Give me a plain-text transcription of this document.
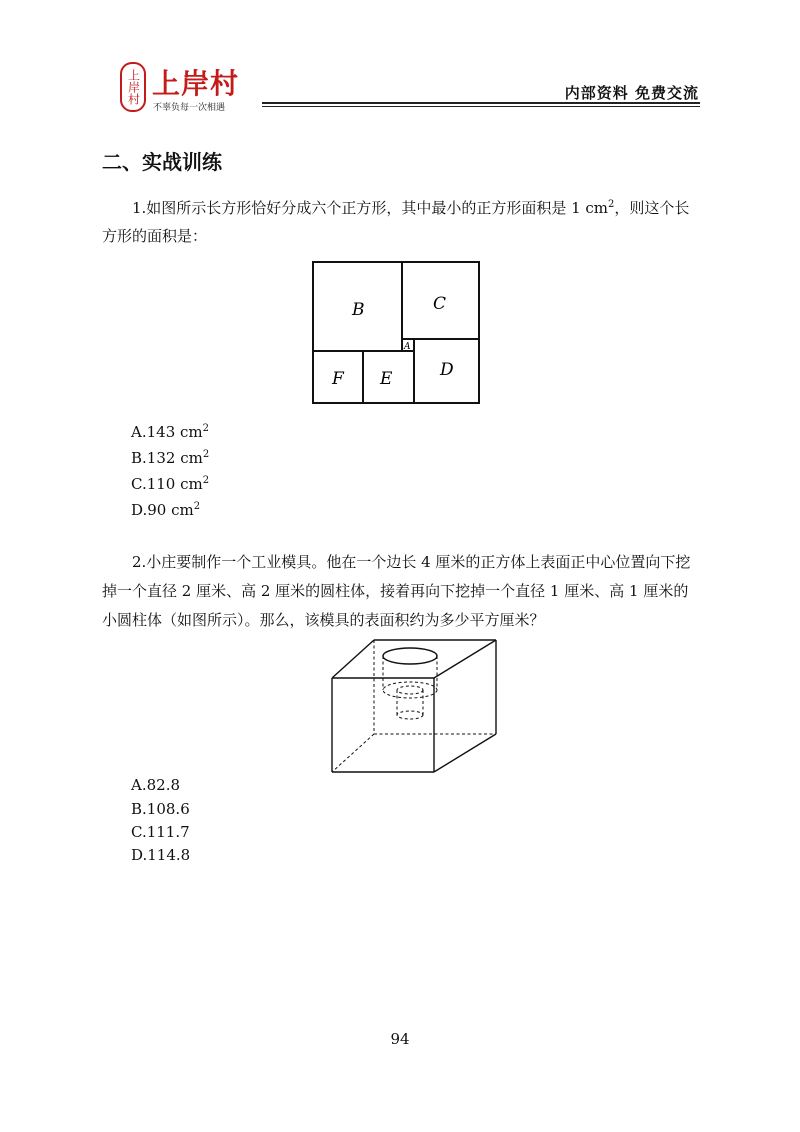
上岸村 上岸村
不辜负每一次相遇
内部资料 免费交流
二、实战训练
1.如图所示长方形恰好分成六个正方形，其中最小的正方形面积是 1 $cm^2$，则这个长方形的面积是：
B	C
A
D
F E
A.143 $cm^2$
B.132 $cm^2$
C.110 $cm^2$
D.90 $cm^2$
2.小庄要制作一个工业模具。他在一个边长 4 厘米的正方体上表面正中心位置向下挖掉一个直径 2 厘米、高 2 厘米的圆柱体，接着再向下挖掉一个直径 1 厘米、高 1 厘米的小圆柱体（如图所示）。那么，该模具的表面积约为多少平方厘米？
A.82.8
B.108.6
C.111.7
D.114.8
94
